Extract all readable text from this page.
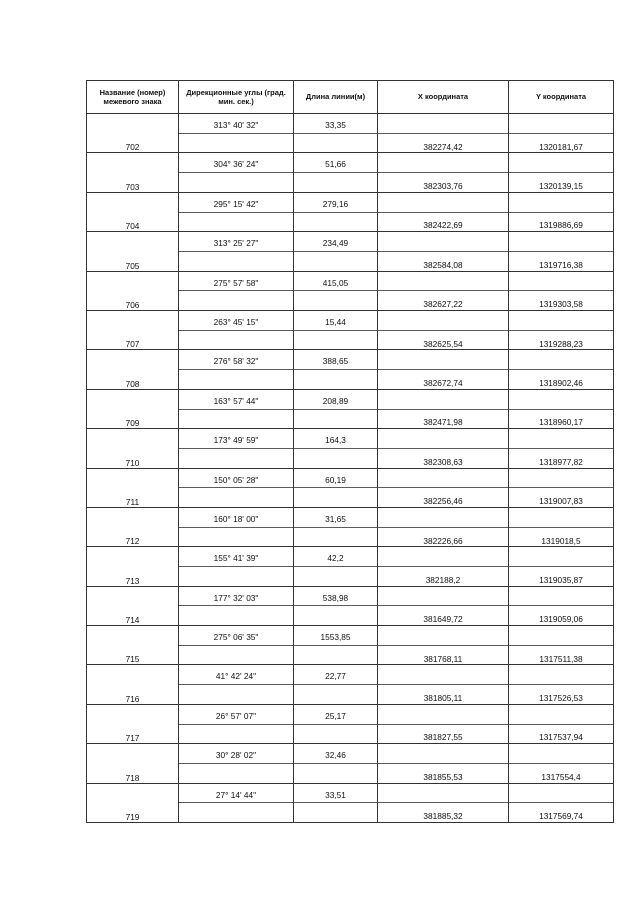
Название (номер) межевого знака	Дирекционные углы (град. мин. сек.)	Длина линии(м)	X координата	Y координата
702	313° 40' 32"	33,35	382274,42	1320181,67

703	304° 36' 24"	51,66	382303,76	1320139,15

704	295° 15' 42"	279,16	382422,69	1319886,69

705	313° 25' 27"	234,49	382584,08	1319716,38

706	275° 57' 58"	415,05	382627,22	1319303,58

707	263° 45' 15"	15,44	382625,54	1319288,23

708	276° 58' 32"	388,65	382672,74	1318902,46

709	163° 57' 44"	208,89	382471,98	1318960,17

710	173° 49' 59"	164,3	382308,63	1318977,82

711	150° 05' 28"	60,19	382256,46	1319007,83

712	160° 18' 00"	31,65	382226,66	1319018,5

713	155° 41' 39"	42,2	382188,2	1319035,87

714	177° 32' 03"	538,98	381649,72	1319059,06

715	275° 06' 35"	1553,85	381768,11	1317511,38

716	41° 42' 24"	22,77	381805,11	1317526,53

717	26° 57' 07"	25,17	381827,55	1317537,94

718	30° 28' 02"	32,46	381855,53	1317554,4

719	27° 14' 44"	33,51	381885,32	1317569,74
